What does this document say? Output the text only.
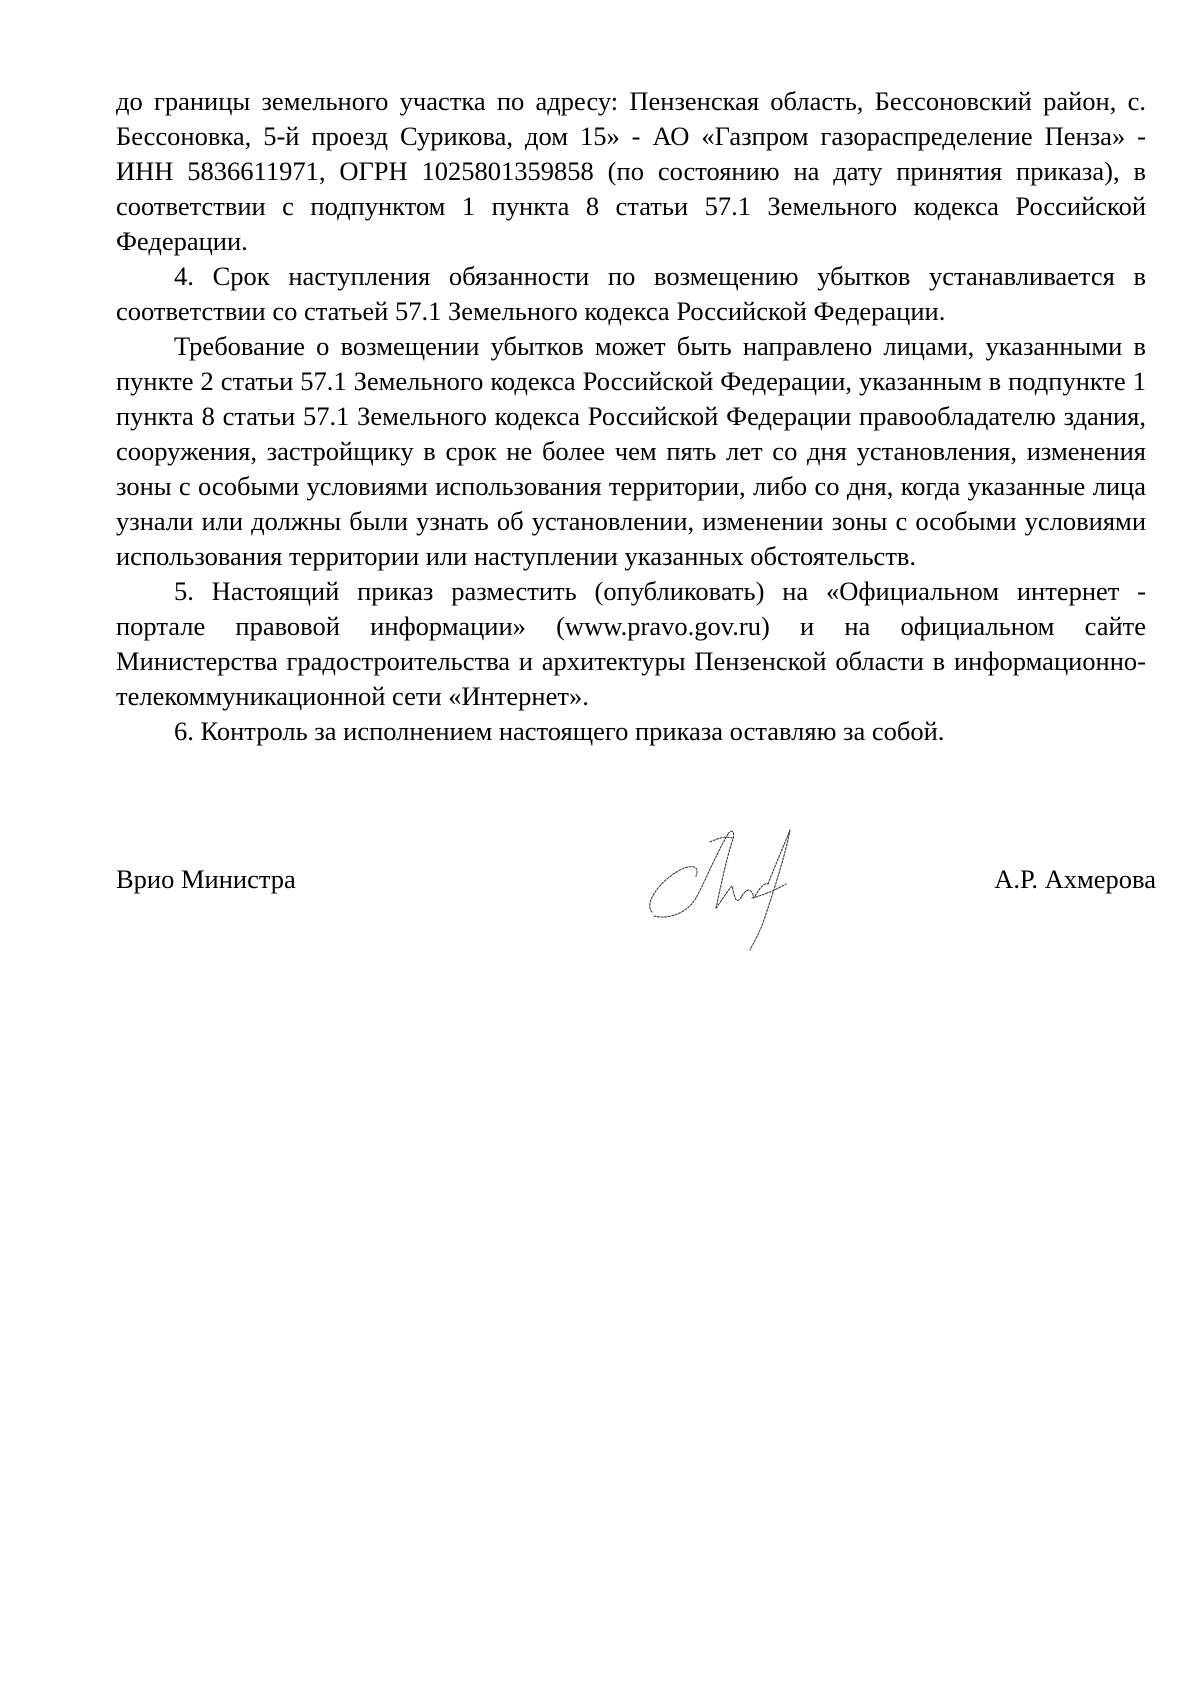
до границы земельного участка по адресу: Пензенская область, Бессоновский район, с. Бессоновка, 5-й проезд Сурикова, дом 15» - АО «Газпром газораспределение Пенза» - ИНН 5836611971, ОГРН 1025801359858 (по состоянию на дату принятия приказа), в соответствии с подпунктом 1 пункта 8 статьи 57.1 Земельного кодекса Российской Федерации.

4. Срок наступления обязанности по возмещению убытков устанавливается в соответствии со статьей 57.1 Земельного кодекса Российской Федерации.

Требование о возмещении убытков может быть направлено лицами, указанными в пункте 2 статьи 57.1 Земельного кодекса Российской Федерации, указанным в подпункте 1 пункта 8 статьи 57.1 Земельного кодекса Российской Федерации правообладателю здания, сооружения, застройщику в срок не более чем пять лет со дня установления, изменения зоны с особыми условиями использования территории, либо со дня, когда указанные лица узнали или должны были узнать об установлении, изменении зоны с особыми условиями использования территории или наступлении указанных обстоятельств.

5. Настоящий приказ разместить (опубликовать) на «Официальном интернет - портале правовой информации» (www.pravo.gov.ru) и на официальном сайте Министерства градостроительства и архитектуры Пензенской области в информационно-телекоммуникационной сети «Интернет».

6. Контроль за исполнением настоящего приказа оставляю за собой.

Врио Министра	А.Р. Ахмерова
